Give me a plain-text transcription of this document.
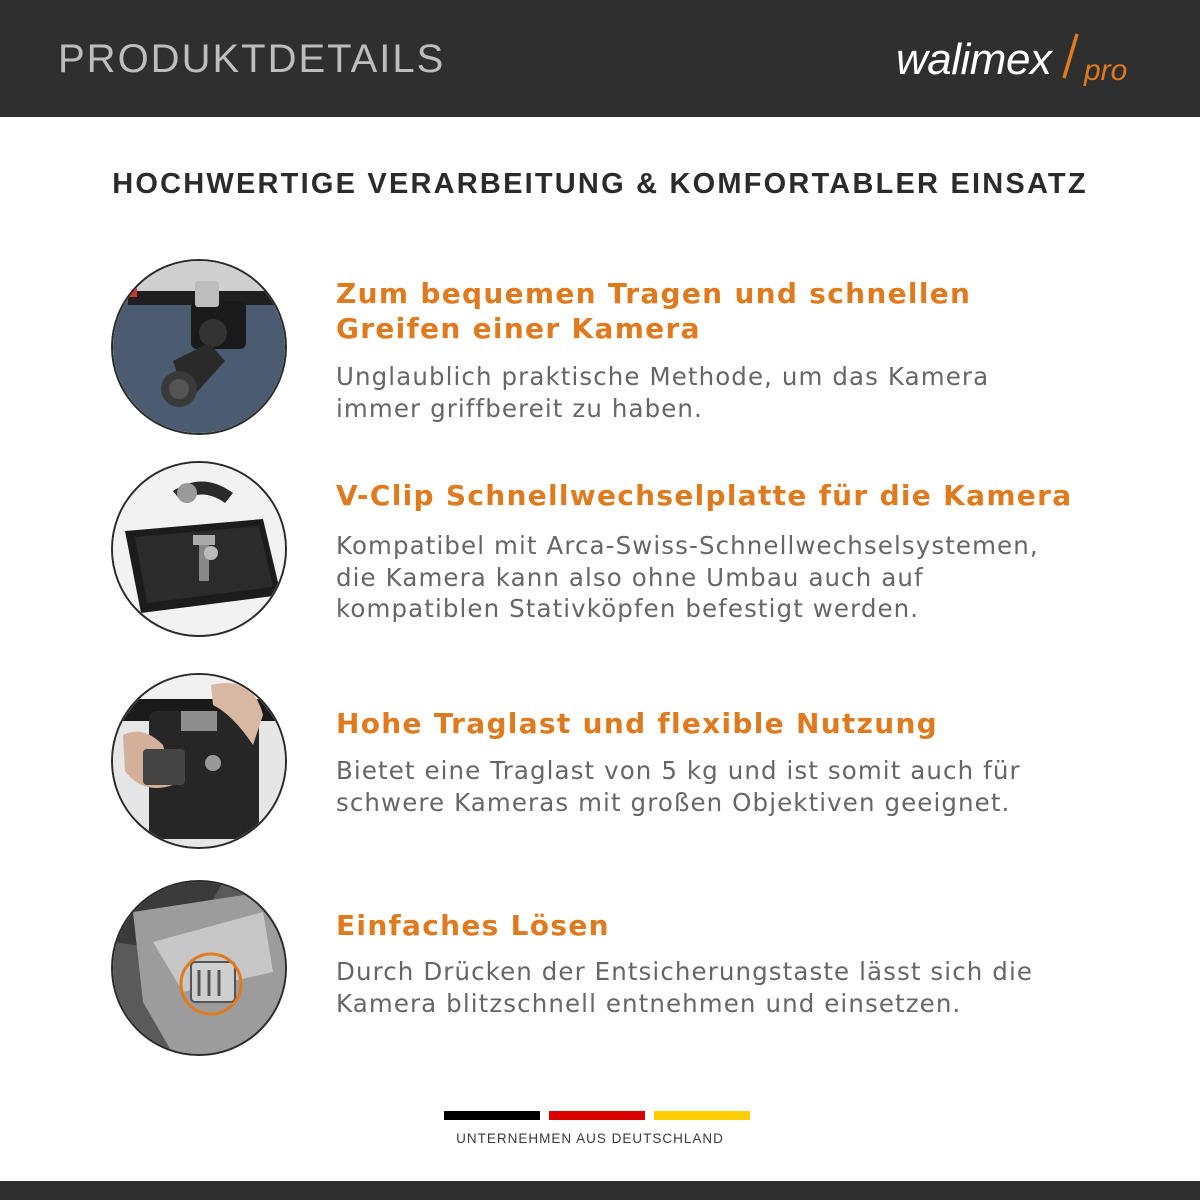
PRODUKTDETAILS	walimex pro
HOCHWERTIGE VERARBEITUNG & KOMFORTABLER EINSATZ
Zum bequemen Tragen und schnellen
Greifen einer Kamera
Unglaublich praktische Methode, um das Kamera
immer griffbereit zu haben.
V-Clip Schnellwechselplatte für die Kamera
Kompatibel mit Arca-Swiss-Schnellwechselsystemen,
die Kamera kann also ohne Umbau auch auf
kompatiblen Stativköpfen befestigt werden.
Hohe Traglast und flexible Nutzung
Bietet eine Traglast von 5 kg und ist somit auch für
schwere Kameras mit großen Objektiven geeignet.
Einfaches Lösen
Durch Drücken der Entsicherungstaste lässt sich die
Kamera blitzschnell entnehmen und einsetzen.
UNTERNEHMEN AUS DEUTSCHLAND
